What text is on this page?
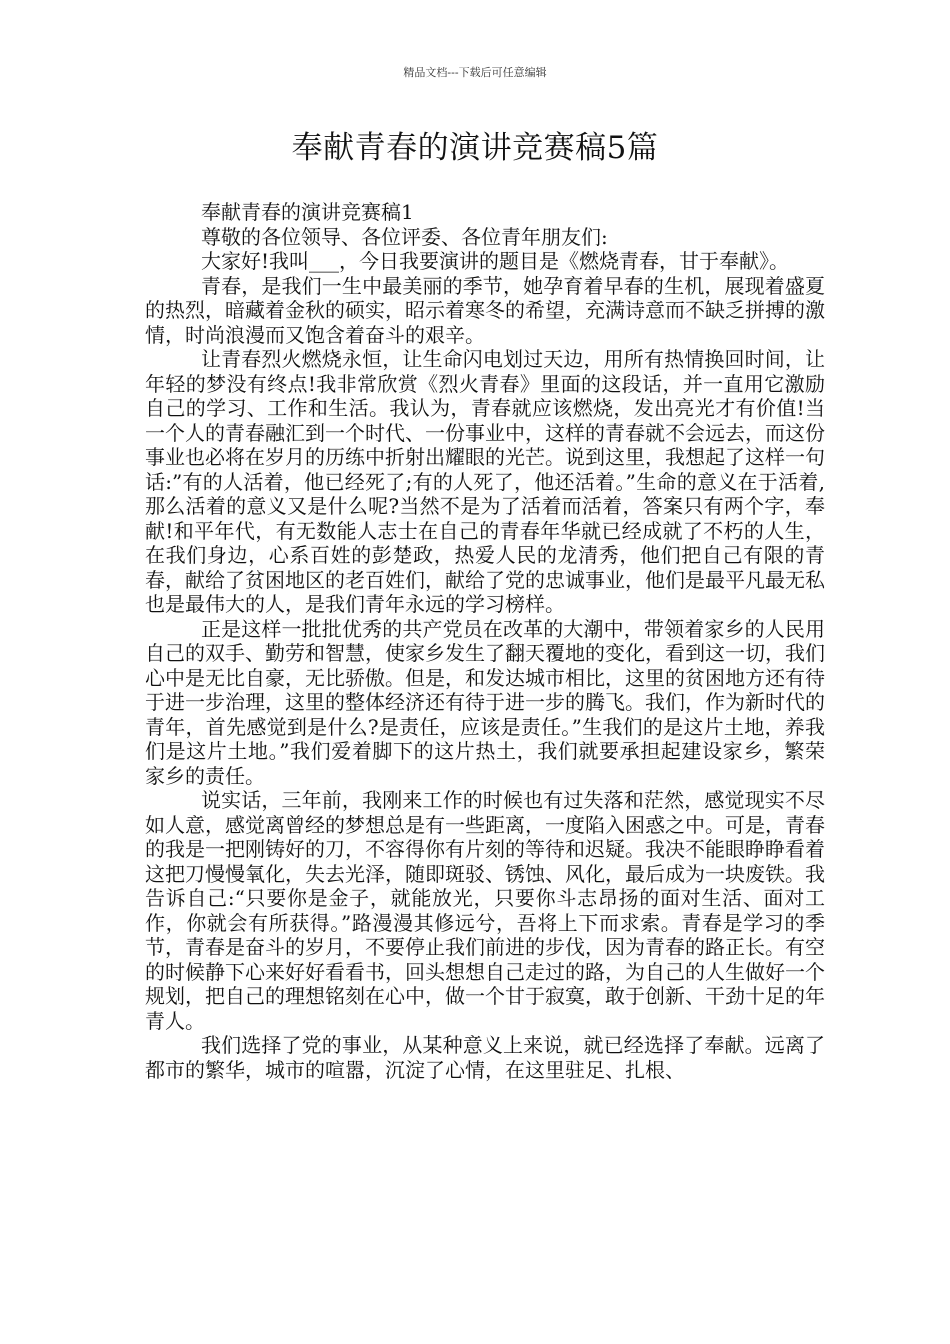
精品文档---下载后可任意编辑
奉献青春的演讲竞赛稿5篇

奉献青春的演讲竞赛稿1

尊敬的各位领导、各位评委、各位青年朋友们:

大家好!我叫___，今日我要演讲的题目是《燃烧青春，甘于奉献》。

青春，是我们一生中最美丽的季节，她孕育着早春的生机，展现着盛夏的热烈，暗藏着金秋的硕实，昭示着寒冬的希望，充满诗意而不缺乏拼搏的激情，时尚浪漫而又饱含着奋斗的艰辛。

让青春烈火燃烧永恒，让生命闪电划过天边，用所有热情换回时间，让年轻的梦没有终点!我非常欣赏《烈火青春》里面的这段话，并一直用它激励自己的学习、工作和生活。我认为，青春就应该燃烧，发出亮光才有价值!当一个人的青春融汇到一个时代、一份事业中，这样的青春就不会远去，而这份事业也必将在岁月的历练中折射出耀眼的光芒。说到这里，我想起了这样一句话:”有的人活着，他已经死了;有的人死了，他还活着。”生命的意义在于活着,那么活着的意义又是什么呢?当然不是为了活着而活着，答案只有两个字，奉献!和平年代，有无数能人志士在自己的青春年华就已经成就了不朽的人生，在我们身边，心系百姓的彭楚政，热爱人民的龙清秀，他们把自己有限的青春，献给了贫困地区的老百姓们，献给了党的忠诚事业，他们是最平凡最无私也是最伟大的人，是我们青年永远的学习榜样。

正是这样一批批优秀的共产党员在改革的大潮中，带领着家乡的人民用自己的双手、勤劳和智慧，使家乡发生了翻天覆地的变化，看到这一切，我们心中是无比自豪，无比骄傲。但是，和发达城市相比，这里的贫困地方还有待于进一步治理，这里的整体经济还有待于进一步的腾飞。我们，作为新时代的青年，首先感觉到是什么?是责任，应该是责任。”生我们的是这片土地，养我们是这片土地。”我们爱着脚下的这片热土，我们就要承担起建设家乡，繁荣家乡的责任。

说实话，三年前，我刚来工作的时候也有过失落和茫然，感觉现实不尽如人意，感觉离曾经的梦想总是有一些距离，一度陷入困惑之中。可是，青春的我是一把刚铸好的刀，不容得你有片刻的等待和迟疑。我决不能眼睁睁看着这把刀慢慢氧化，失去光泽，随即斑驳、锈蚀、风化，最后成为一块废铁。我告诉自己:“只要你是金子，就能放光，只要你斗志昂扬的面对生活、面对工作，你就会有所获得。”路漫漫其修远兮，吾将上下而求索。青春是学习的季节，青春是奋斗的岁月，不要停止我们前进的步伐，因为青春的路正长。有空的时候静下心来好好看看书，回头想想自己走过的路，为自己的人生做好一个规划，把自己的理想铭刻在心中，做一个甘于寂寞，敢于创新、干劲十足的年青人。

我们选择了党的事业，从某种意义上来说，就已经选择了奉献。远离了都市的繁华，城市的喧嚣，沉淀了心情，在这里驻足、扎根、
